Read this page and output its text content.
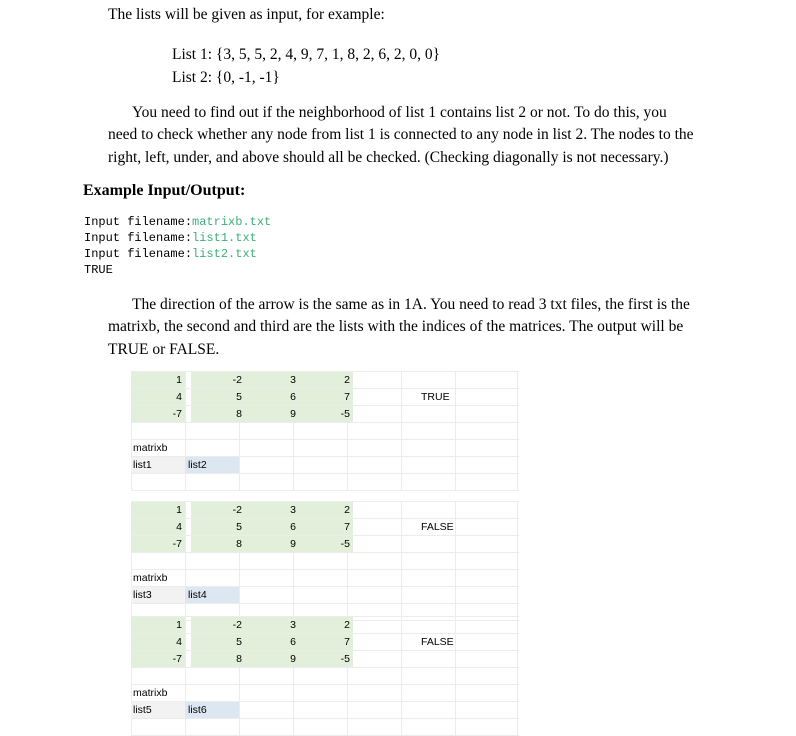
The lists will be given as input, for example:
List 1: {3, 5, 5, 2, 4, 9, 7, 1, 8, 2, 6, 2, 0, 0}
List 2: {0, -1, -1}
You need to find out if the neighborhood of list 1 contains list 2 or not. To do this, you
need to check whether any node from list 1 is connected to any node in list 2. The nodes to the
right, left, under, and above should all be checked. (Checking diagonally is not necessary.)
Example Input/Output:
Input filename:matrixb.txt
Input filename:list1.txt
Input filename:list2.txt
TRUE
The direction of the arrow is the same as in 1A. You need to read 3 txt files, the first is the
matrixb, the second and third are the lists with the indices of the matrices. The output will be
TRUE or FALSE.
1	-2	3	2
4	5	6	7
-7	8	9	-5
TRUE
matrixb
list1	list2
1	-2	3	2
4	5	6	7
-7	8	9	-5
FALSE
matrixb
list3	list4
1	-2	3	2
4	5	6	7
-7	8	9	-5
FALSE
matrixb
list5	list6
